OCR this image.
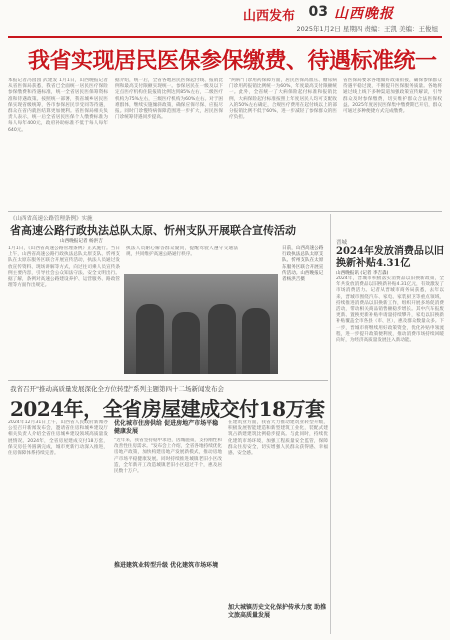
山西发布 03 山西晚报
2025年1月2日 星期四 责编：王凯 美编：王俊旭
我省实现居民医保参保缴费、待遇标准统一
本报记者冯园园 武建发 1月1日，山西晚报记者从省医保局获悉，我省已全面统一居民医疗保险参保缴费和待遇标准，统一全省居民医保筹资标准和待遇政策。按照统一部署，我省城乡居民医保实现省级统筹，各市参保居民享受同等待遇，群众在省内就医结算更加便利。省医保局相关负责人表示，统一后全省居民医保个人缴费标准为每人每年400元，政府补助标准不低于每人每年640元。
据介绍，统一后，全省各地居民医保起付线、报销比例和最高支付限额实现统一。参保居民在一级及以下定点医疗机构住院报销比例达到85%左右，二级医疗机构为75%左右，三级医疗机构为60%左右。对于困难群体，继续实施倾斜政策，确保应保尽保、应报尽报。同时门诊慢特病保障范围进一步扩大，居民医保门诊统筹待遇同步提高。
"两病"门诊用药保障方面，居民医保高血压、糖尿病门诊用药报销比例统一为60%，年度最高支付限额统一。此外，全省统一了大病保险起付标准和报销比例，大病保险起付标准按照上年度居民人均可支配收入的50%左右确定，合规医疗费用在起付线以上的部分报销比例不低于60%，进一步减轻了参保群众的医疗负担。
省医保局要求各地做好政策衔接，确保参保群众待遇平稳过渡，不断提升医保服务质量。各地将通过线上线下多种渠道加强政策宣传解读，引导群众及时参保缴费，切实维护群众合法医保权益。2025年度居民医保集中缴费期已开启，群众可通过多种便捷方式完成缴费。
《山西省高速公路管理条例》实施
省高速公路行政执法总队太原、忻州支队开展联合宣传活动
山西晚报记者 杨洪吉
1月1日，《山西省高速公路管理条例》正式施行。当日上午，山西省高速公路行政执法总队太原支队、忻州支队在太原东服务区联合开展宣传活动，执法人员通过发放宣传资料、现场讲解等方式，向过往司乘人员宣传条例主要内容，引导社会公众知法守法、安全文明出行。据了解，条例对高速公路建设养护、运营服务、路政管理等方面作出规定。
执法人员耐心解答群众疑问，提醒驾驶人遵守交通法规，共同维护高速公路通行秩序。
日前，山西高速公路行政执法总队太原支队、忻州支队在太原东服务区联合开展宣传活动。山西晚报记者杨洪吉摄
晋城
2024年发放消费品以旧换新补贴4.31亿
山西晚报讯 (记者 李吉淼)
2024年，晋城市积极落实消费品以旧换新政策，全年共发放消费品以旧换新补贴4.31亿元，有效激发了市场消费活力。记者从晋城市商务局获悉，去年以来，晋城市围绕汽车、家电、家装厨卫等重点领域，持续推进消费品以旧换新工作，组织开展多场促消费活动，带动相关商品销售额稳步增长。其中汽车报废更新、置换更新补贴申请量持续攀升，家电以旧换新补贴覆盖全市各县（市、区），惠及群众数量众多。下一步，晋城市将继续用好政策资金，优化补贴申领流程，进一步提升政策便利度，推动消费市场持续回暖向好，为经济高质量发展注入新动能。
我省召开"推动高质量发展深化全方位转型"系列主题第四十二场新闻发布会
2024年，全省房屋建成交付18万套
2024年12月31日上午，山西省人民政府新闻办公室召开新闻发布会，邀请省住房和城乡建设厅相关负责人介绍全省住房城乡建设领域高质量发展情况。2024年，全省房屋建成交付18万套，保交房任务圆满完成，城市更新行动深入推进，住房保障体系持续完善。
优化城市住房供给 促进房地产市场平稳健康发展
"近年来，我省坚持稳中求进，因城施策，支持刚性和改善性住房需求。"发布会上介绍，全省各地持续优化房地产政策，加快构建房地产发展新模式，推动房地产市场平稳健康发展。同时持续推进城镇老旧小区改造，全年新开工改造城镇老旧小区超过千个，惠及居民数十万户。
推进建筑业转型升级 优化建筑市场环境
在建筑业方面，我省大力推动建筑业转型升级，积极发展智能建造和新型建筑工业化，装配式建筑占新建建筑比例稳步提高。与此同时，持续优化建筑市场环境，加强工程质量安全监管，保障群众住房安全，切实增强人民群众获得感、幸福感、安全感。
加大城镇历史文化保护传承力度 助推文旅高质量发展
